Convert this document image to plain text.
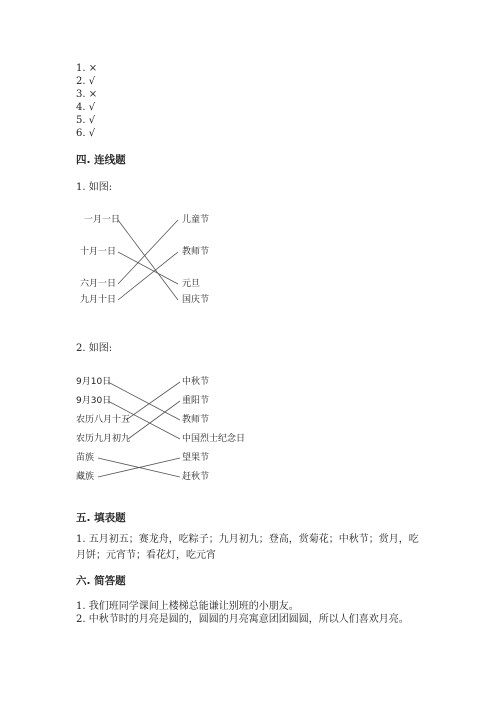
1. ×
2. √
3. ×
4. √
5. √
6. √
四. 连线题
1. 如图:
一月一日
十月一日
六月一日
九月十日
儿童节
教师节
元旦
国庆节
2. 如图:
9月10日
9月30日
农历八月十五
农历九月初九
苗族
藏族
中秋节
重阳节
教师节
中国烈士纪念日
望果节
赶秋节
五. 填表题
1. 五月初五；赛龙舟，吃粽子；九月初九；登高，赏菊花；中秋节；赏月，吃月饼；元宵节；看花灯，吃元宵
六. 简答题
1. 我们班同学课间上楼梯总能谦让别班的小朋友。
2. 中秋节时的月亮是圆的，圆圆的月亮寓意团团圆圆，所以人们喜欢月亮。
